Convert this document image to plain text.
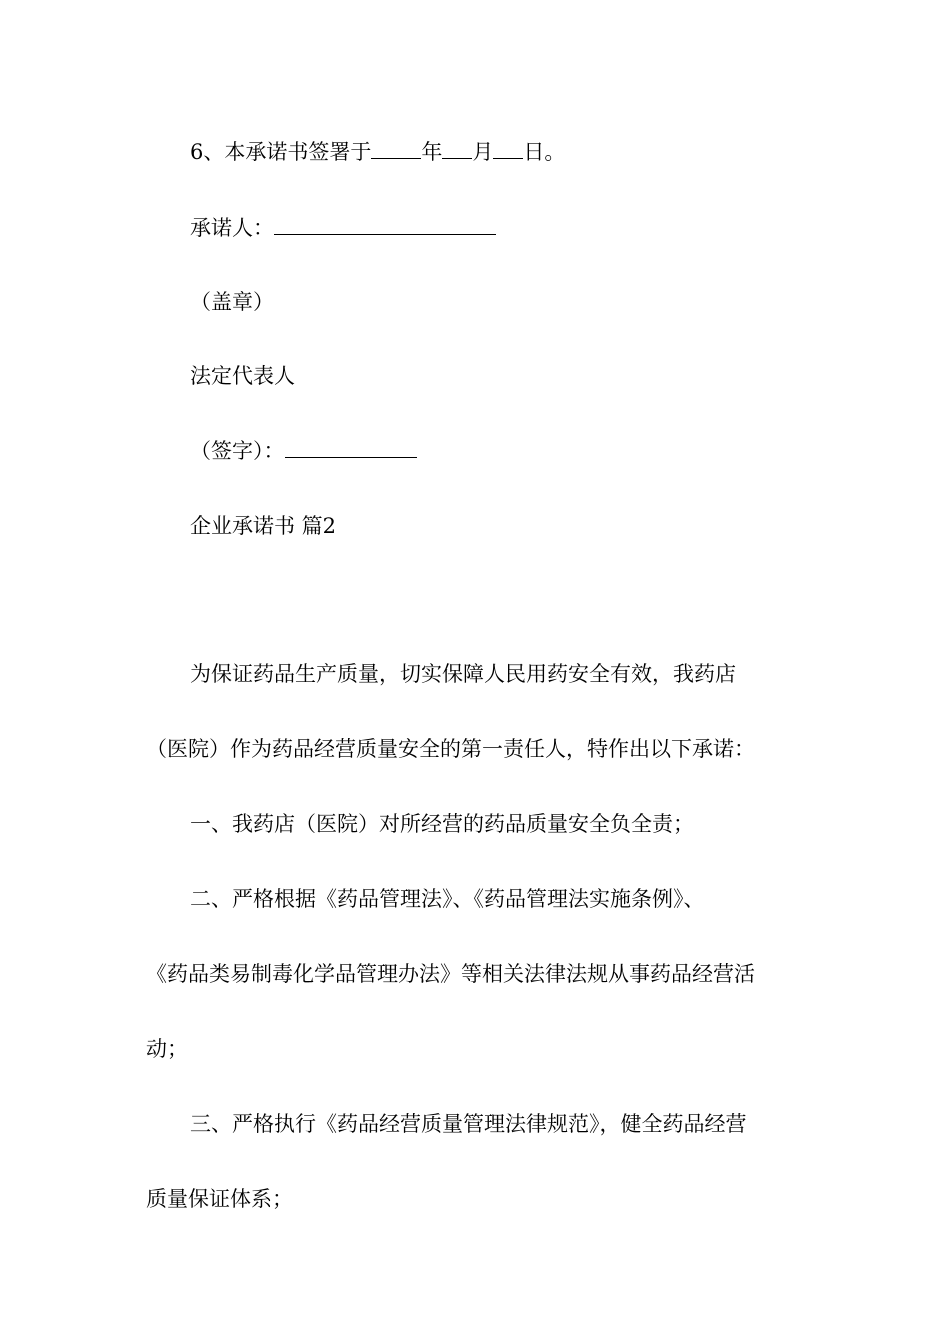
6、本承诺书签署于 年 月 日。

承诺人：

（盖章）

法定代表人

（签字）：

企业承诺书 篇2

为保证药品生产质量，切实保障人民用药安全有效，我药店

（医院）作为药品经营质量安全的第一责任人，特作出以下承诺：

一、我药店（医院）对所经营的药品质量安全负全责；

二、严格根据《药品管理法》、《药品管理法实施条例》、

《药品类易制毒化学品管理办法》等相关法律法规从事药品经营活

动；

三、严格执行《药品经营质量管理法律规范》，健全药品经营

质量保证体系；
